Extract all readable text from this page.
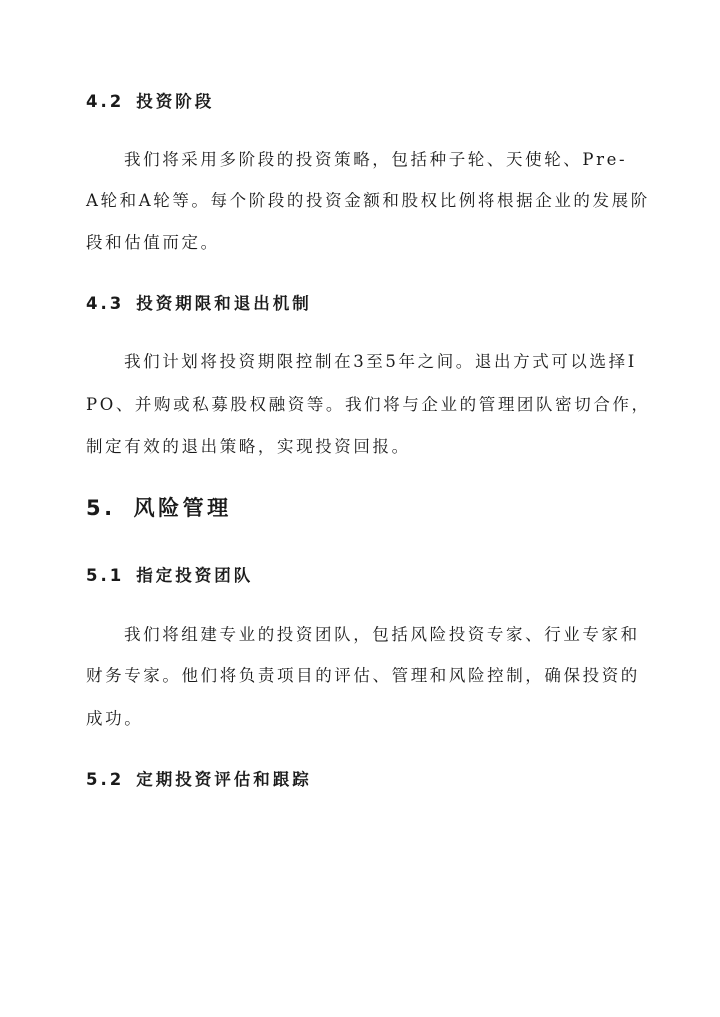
4.2 投资阶段
我们将采用多阶段的投资策略，包括种子轮、天使轮、Pre-
A轮和A轮等。每个阶段的投资金额和股权比例将根据企业的发展阶
段和估值而定。
4.3 投资期限和退出机制
我们计划将投资期限控制在3至5年之间。退出方式可以选择I
PO、并购或私募股权融资等。我们将与企业的管理团队密切合作，
制定有效的退出策略，实现投资回报。
5. 风险管理
5.1 指定投资团队
我们将组建专业的投资团队，包括风险投资专家、行业专家和
财务专家。他们将负责项目的评估、管理和风险控制，确保投资的
成功。
5.2 定期投资评估和跟踪
